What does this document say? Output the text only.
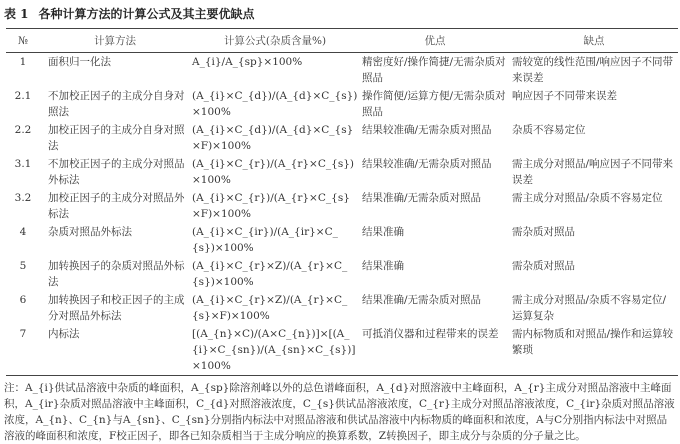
表 1 各种计算方法的计算公式及其主要优缺点
№	计算方法	计算公式(杂质含量%)	优点	缺点
1	面积归一化法	A_{i}/A_{sp}×100%	精密度好/操作简捷/无需杂质对照品	需较宽的线性范围/响应因子不同带来误差
2.1	不加校正因子的主成分自身对照法	(A_{i}×C_{d})/(A_{d}×C_{s})×100%	操作简便/运算方便/无需杂质对照品	响应因子不同带来误差
2.2	加校正因子的主成分自身对照法	(A_{i}×C_{d})/(A_{d}×C_{s}×F)×100%	结果较准确/无需杂质对照品	杂质不容易定位
3.1	不加校正因子的主成分对照品外标法	(A_{i}×C_{r})/(A_{r}×C_{s})×100%	结果较准确/无需杂质对照品	需主成分对照品/响应因子不同带来误差
3.2	加校正因子的主成分对照品外标法	(A_{i}×C_{r})/(A_{r}×C_{s}×F)×100%	结果准确/无需杂质对照品	需主成分对照品/杂质不容易定位
4	杂质对照品外标法	(A_{i}×C_{ir})/(A_{ir}×C_{s})×100%	结果准确	需杂质对照品
5	加转换因子的杂质对照品外标法	(A_{i}×C_{r}×Z)/(A_{r}×C_{s})×100%	结果准确	需杂质对照品
6	加转换因子和校正因子的主成分对照品外标法	(A_{i}×C_{r}×Z)/(A_{r}×C_{s}×F)×100%	结果准确/无需杂质对照品	需主成分对照品/杂质不容易定位/运算复杂
7	内标法	[(A_{n}×C)/(A×C_{n})]×[(A_{i}×C_{sn})/(A_{sn}×C_{s})]×100%	可抵消仪器和过程带来的误差	需内标物质和对照品/操作和运算较繁琐
注：A_{i}供试品溶液中杂质的峰面积，A_{sp}除溶剂峰以外的总色谱峰面积，A_{d}对照溶液中主峰面积，A_{r}主成分对照品溶液中主峰面积，A_{ir}杂质对照品溶液中主峰面积，C_{d}对照溶液浓度，C_{s}供试品溶液浓度，C_{r}主成分对照品溶液浓度，C_{ir}杂质对照品溶液浓度，A_{n}、C_{n}与A_{sn}、C_{sn}分别指内标法中对照品溶液和供试品溶液中内标物质的峰面积和浓度，A与C分别指内标法中对照品溶液的峰面积和浓度，F校正因子，即各已知杂质相当于主成分响应的换算系数，Z转换因子，即主成分与杂质的分子量之比。
